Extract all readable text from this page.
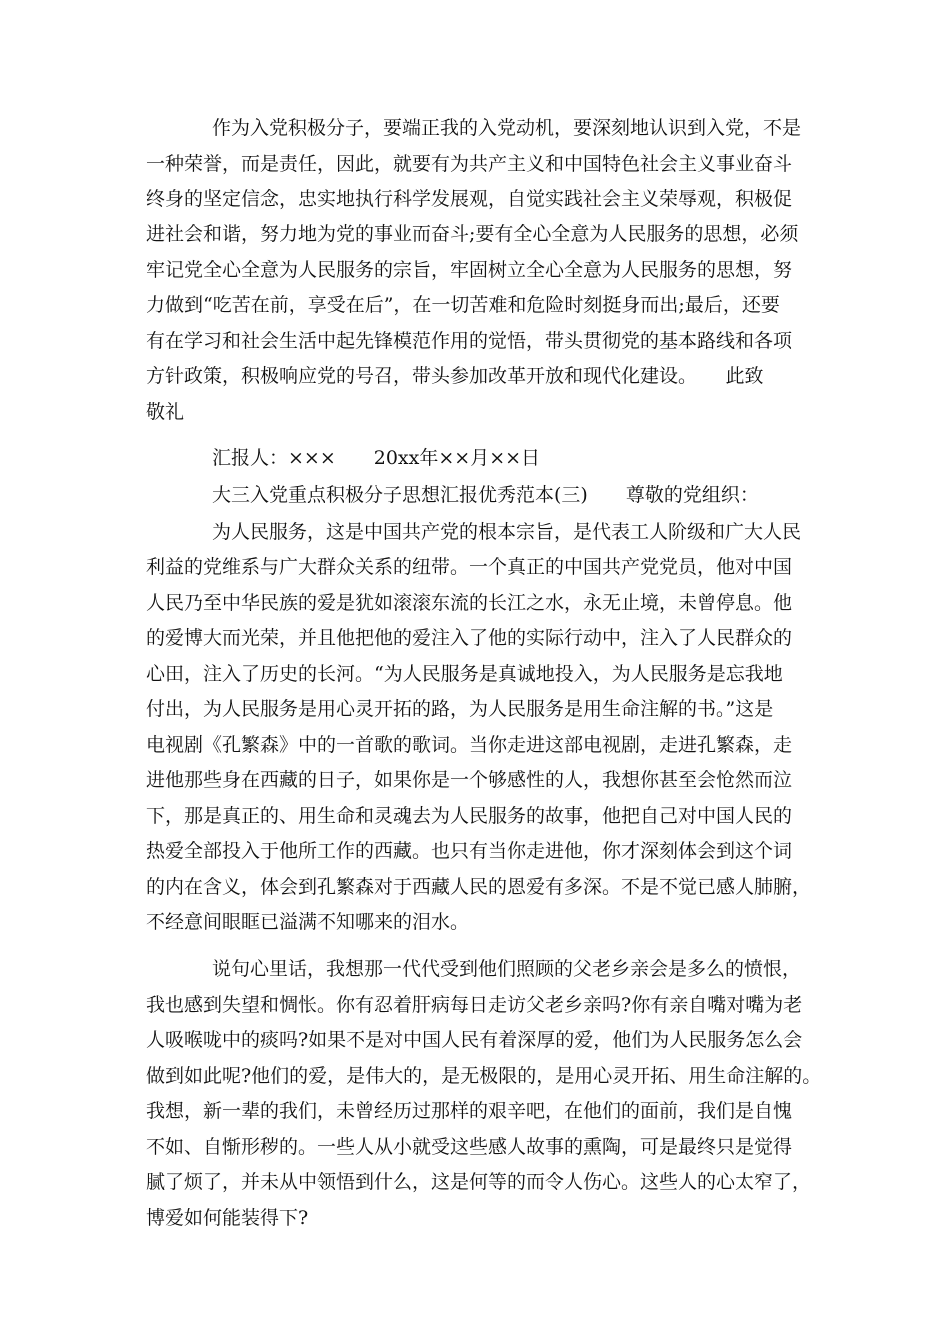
作为入党积极分子，要端正我的入党动机，要深刻地认识到入党，不是
一种荣誉，而是责任，因此，就要有为共产主义和中国特色社会主义事业奋斗
终身的坚定信念，忠实地执行科学发展观，自觉实践社会主义荣辱观，积极促
进社会和谐，努力地为党的事业而奋斗;要有全心全意为人民服务的思想，必须
牢记党全心全意为人民服务的宗旨，牢固树立全心全意为人民服务的思想，努
力做到“吃苦在前，享受在后”，在一切苦难和危险时刻挺身而出;最后，还要
有在学习和社会生活中起先锋模范作用的觉悟，带头贯彻党的基本路线和各项
方针政策，积极响应党的号召，带头参加改革开放和现代化建设。　　此致
敬礼
汇报人：×××　　20xx年××月××日
大三入党重点积极分子思想汇报优秀范本(三)　　尊敬的党组织：
为人民服务，这是中国共产党的根本宗旨，是代表工人阶级和广大人民
利益的党维系与广大群众关系的纽带。一个真正的中国共产党党员，他对中国
人民乃至中华民族的爱是犹如滚滚东流的长江之水，永无止境，未曾停息。他
的爱博大而光荣，并且他把他的爱注入了他的实际行动中，注入了人民群众的
心田，注入了历史的长河。“为人民服务是真诚地投入，为人民服务是忘我地
付出，为人民服务是用心灵开拓的路，为人民服务是用生命注解的书。”这是
电视剧《孔繁森》中的一首歌的歌词。当你走进这部电视剧，走进孔繁森，走
进他那些身在西藏的日子，如果你是一个够感性的人，我想你甚至会怆然而泣
下，那是真正的、用生命和灵魂去为人民服务的故事，他把自己对中国人民的
热爱全部投入于他所工作的西藏。也只有当你走进他，你才深刻体会到这个词
的内在含义，体会到孔繁森对于西藏人民的恩爱有多深。不是不觉已感人肺腑，
不经意间眼眶已溢满不知哪来的泪水。
说句心里话，我想那一代代受到他们照顾的父老乡亲会是多么的愤恨，
我也感到失望和惆怅。你有忍着肝病每日走访父老乡亲吗?你有亲自嘴对嘴为老
人吸喉咙中的痰吗?如果不是对中国人民有着深厚的爱，他们为人民服务怎么会
做到如此呢?他们的爱，是伟大的，是无极限的，是用心灵开拓、用生命注解的。
我想，新一辈的我们，未曾经历过那样的艰辛吧，在他们的面前，我们是自愧
不如、自惭形秽的。一些人从小就受这些感人故事的熏陶，可是最终只是觉得
腻了烦了，并未从中领悟到什么，这是何等的而令人伤心。这些人的心太窄了，
博爱如何能装得下?
